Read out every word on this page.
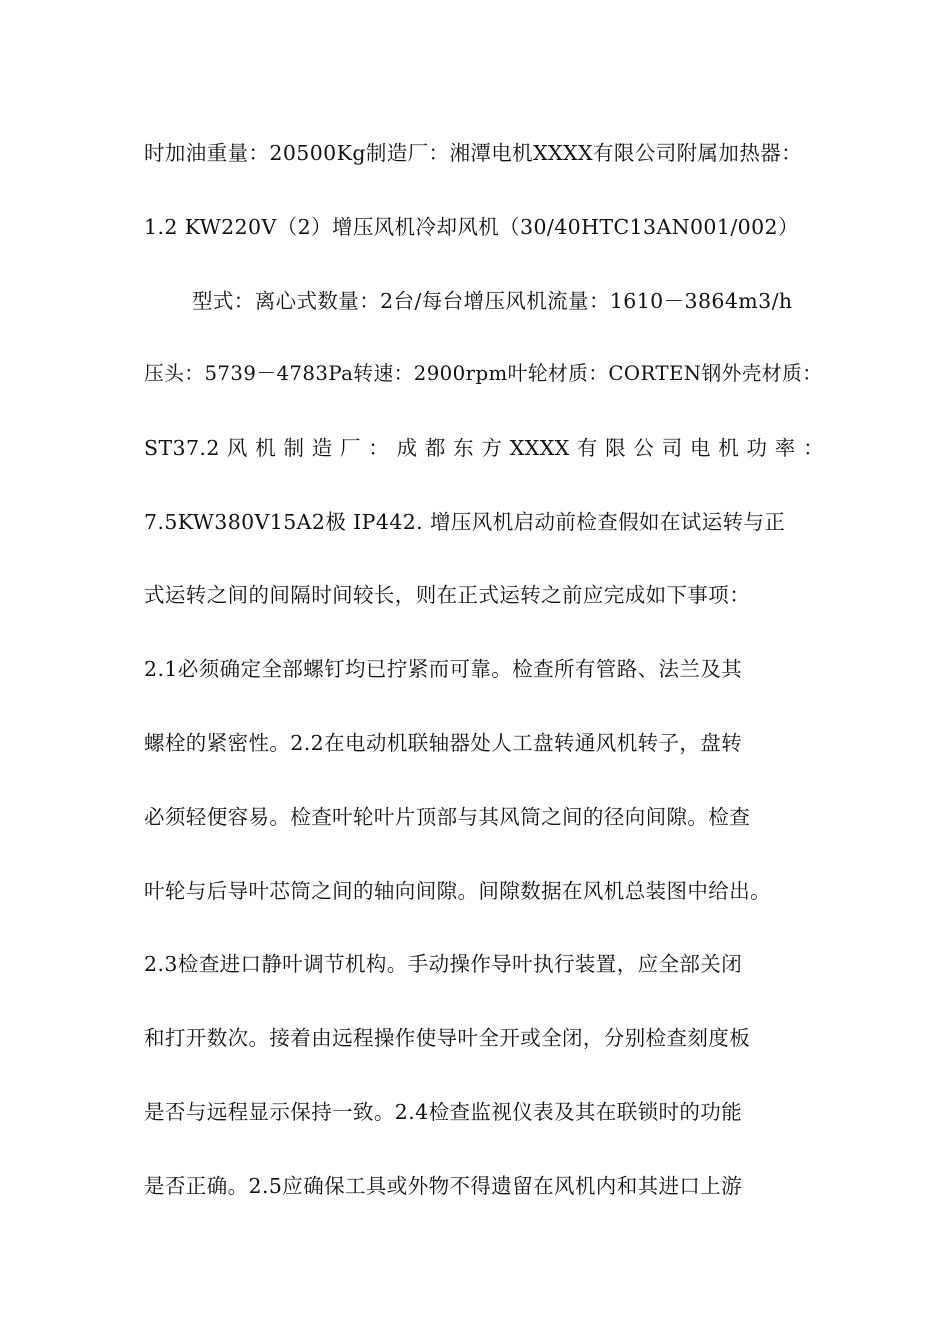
时加油重量：20500Kg制造厂：湘潭电机XXXX有限公司附属加热器：
1.2 KW220V（2）增压风机冷却风机（30/40HTC13AN001/002）
型式：离心式数量：2台/每台增压风机流量：1610－3864m3/h
压头：5739－4783Pa转速：2900rpm叶轮材质：CORTEN钢外壳材质：
ST37.2 风 机 制 造 厂 ： 成 都 东 方 XXXX 有 限 公 司 电 机 功 率 ：
7.5KW380V15A2极 IP442. 增压风机启动前检查假如在试运转与正
式运转之间的间隔时间较长，则在正式运转之前应完成如下事项：
2.1必须确定全部螺钉均已拧紧而可靠。检查所有管路、法兰及其
螺栓的紧密性。2.2在电动机联轴器处人工盘转通风机转子，盘转
必须轻便容易。检查叶轮叶片顶部与其风筒之间的径向间隙。检查
叶轮与后导叶芯筒之间的轴向间隙。间隙数据在风机总装图中给出。
2.3检查进口静叶调节机构。手动操作导叶执行装置，应全部关闭
和打开数次。接着由远程操作使导叶全开或全闭，分别检查刻度板
是否与远程显示保持一致。2.4检查监视仪表及其在联锁时的功能
是否正确。2.5应确保工具或外物不得遗留在风机内和其进口上游
